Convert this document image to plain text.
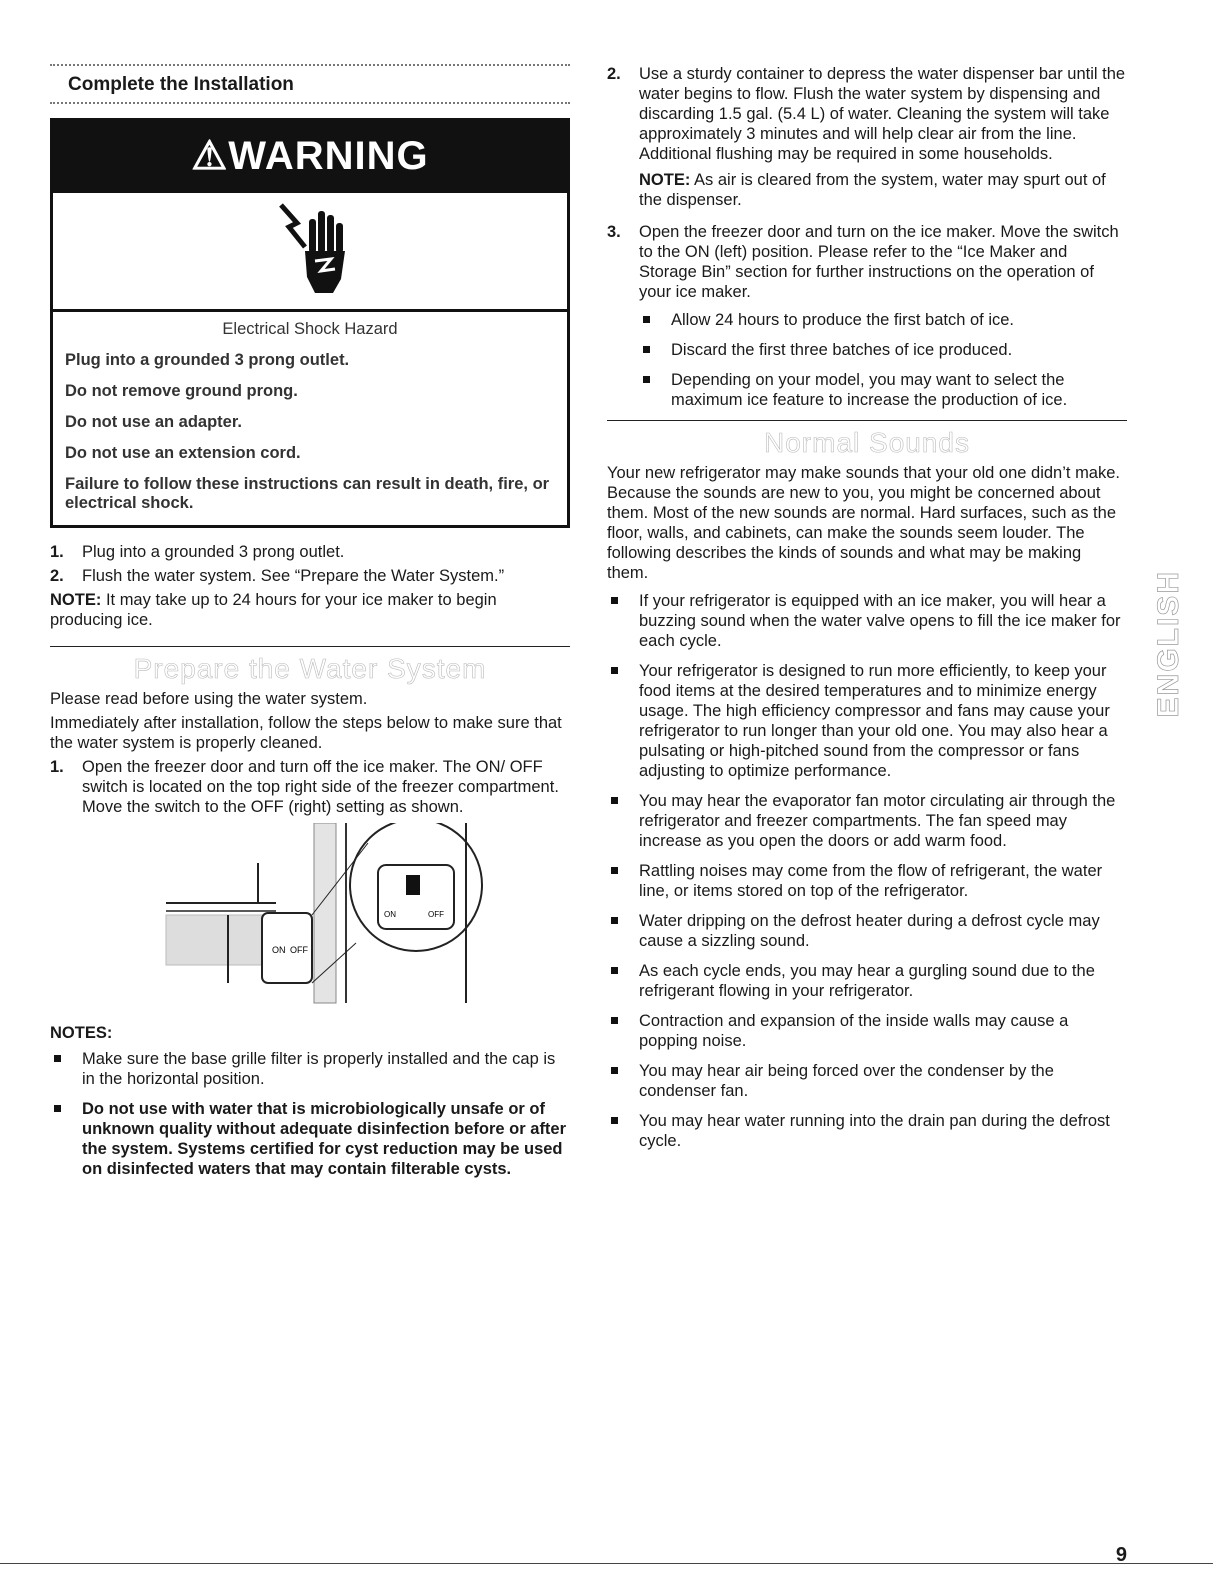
Complete the Installation
⚠WARNING

Electrical Shock Hazard

Plug into a grounded 3 prong outlet.

Do not remove ground prong.

Do not use an adapter.

Do not use an extension cord.

Failure to follow these instructions can result in death, fire, or electrical shock.

1. Plug into a grounded 3 prong outlet.
2. Flush the water system. See “Prepare the Water System.”

NOTE: It may take up to 24 hours for your ice maker to begin producing ice.

Prepare the Water System

Please read before using the water system.

Immediately after installation, follow the steps below to make sure that the water system is properly cleaned.

1. Open the freezer door and turn off the ice maker. The ON/ OFF switch is located on the top right side of the freezer compartment. Move the switch to the OFF (right) setting as shown.
ON OFF
ON	OFF
NOTES:
Make sure the base grille filter is properly installed and the cap is in the horizontal position.
Do not use with water that is microbiologically unsafe or of unknown quality without adequate disinfection before or after the system. Systems certified for cyst reduction may be used on disinfected waters that may contain filterable cysts.
2. Use a sturdy container to depress the water dispenser bar until the water begins to flow. Flush the water system by dispensing and discarding 1.5 gal. (5.4 L) of water. Cleaning the system will take approximately 3 minutes and will help clear air from the line. Additional flushing may be required in some households.

NOTE: As air is cleared from the system, water may spurt out of the dispenser.

3. Open the freezer door and turn on the ice maker. Move the switch to the ON (left) position. Please refer to the “Ice Maker and Storage Bin” section for further instructions on the operation of your ice maker.
Allow 24 hours to produce the first batch of ice.
Discard the first three batches of ice produced.
Depending on your model, you may want to select the maximum ice feature to increase the production of ice.
Normal Sounds

Your new refrigerator may make sounds that your old one didn’t make. Because the sounds are new to you, you might be concerned about them. Most of the new sounds are normal. Hard surfaces, such as the floor, walls, and cabinets, can make the sounds seem louder. The following describes the kinds of sounds and what may be making them.

If your refrigerator is equipped with an ice maker, you will hear a buzzing sound when the water valve opens to fill the ice maker for each cycle.
Your refrigerator is designed to run more efficiently, to keep your food items at the desired temperatures and to minimize energy usage. The high efficiency compressor and fans may cause your refrigerator to run longer than your old one. You may also hear a pulsating or high-pitched sound from the compressor or fans adjusting to optimize performance.
You may hear the evaporator fan motor circulating air through the refrigerator and freezer compartments. The fan speed may increase as you open the doors or add warm food.
Rattling noises may come from the flow of refrigerant, the water line, or items stored on top of the refrigerator.
Water dripping on the defrost heater during a defrost cycle may cause a sizzling sound.
As each cycle ends, you may hear a gurgling sound due to the refrigerant flowing in your refrigerator.
Contraction and expansion of the inside walls may cause a popping noise.
You may hear air being forced over the condenser by the condenser fan.
You may hear water running into the drain pan during the defrost cycle.
ENGLISH
9
